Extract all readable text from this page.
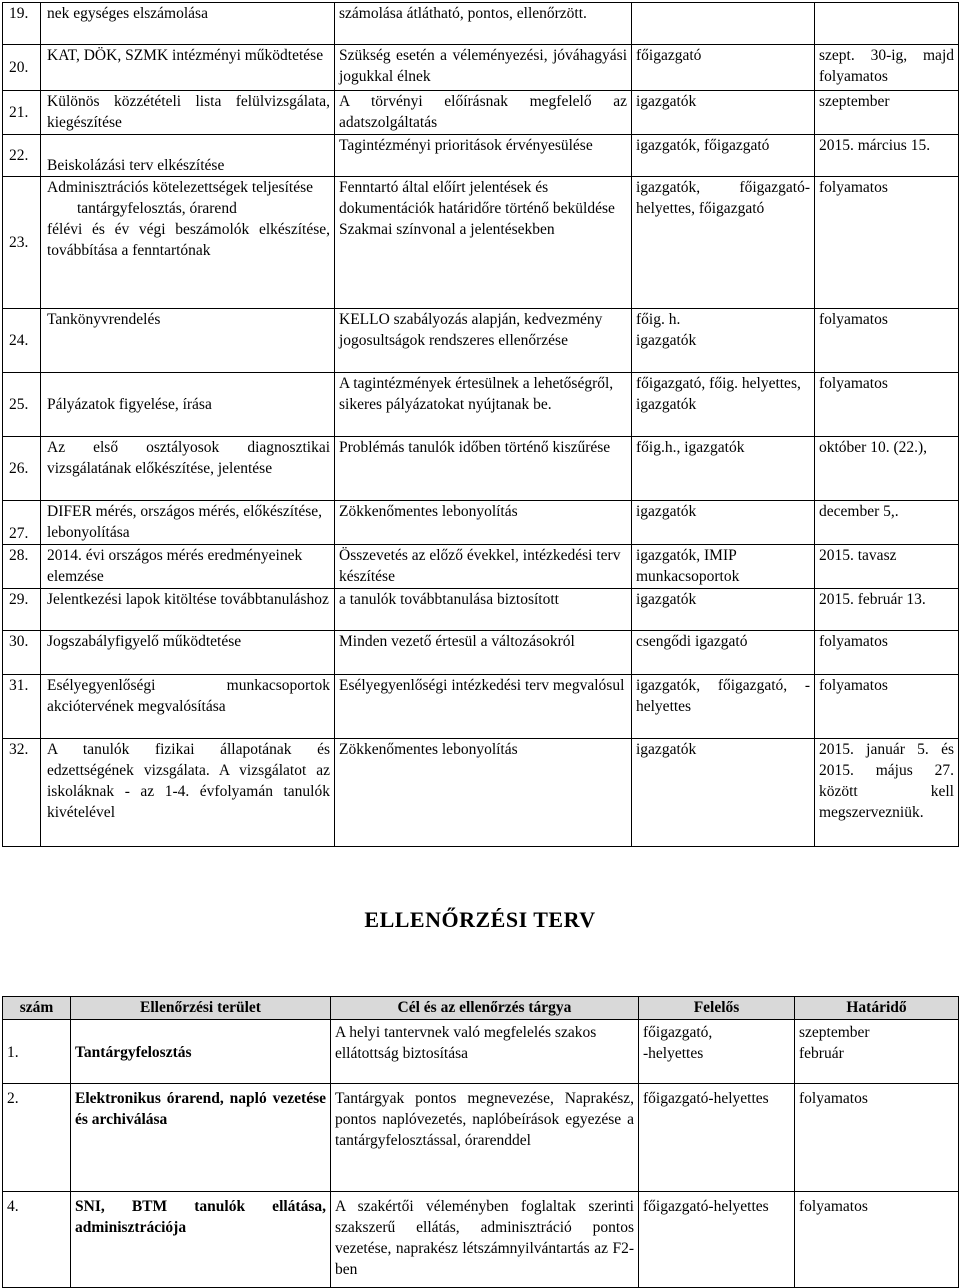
19.	nek egységes elszámolása	számolása átlátható, pontos, ellenőrzött.		
20.	KAT, DÖK, SZMK intézményi működtetése	Szükség esetén a véleményezési, jóváhagyási jogukkal élnek	főigazgató	szept. 30-ig, majd folyamatos
21.	Különös közzétételi lista felülvizsgálata, kiegészítése	A törvényi előírásnak megfelelő az adatszolgáltatás	igazgatók	szeptember
22.	Beiskolázási terv elkészítése	Tagintézményi prioritások érvényesülése	igazgatók, főigazgató	2015. március 15.
23.	Adminisztrációs kötelezettségek teljesítése
tantárgyfelosztás, órarend
félévi és év végi beszámolók elkészítése, továbbítása a fenntartónak	Fenntartó által előírt jelentések és dokumentációk határidőre történő beküldése
Szakmai színvonal a jelentésekben	igazgatók, főigazgató-helyettes, főigazgató	folyamatos
24.	Tankönyvrendelés	KELLO szabályozás alapján, kedvezmény jogosultságok rendszeres ellenőrzése	főig. h.
igazgatók	folyamatos
25.	Pályázatok figyelése, írása	A tagintézmények értesülnek a lehetőségről, sikeres pályázatokat nyújtanak be.	főigazgató, főig. helyettes, igazgatók	folyamatos
26.	Az első osztályosok diagnosztikai vizsgálatának előkészítése, jelentése	Problémás tanulók időben történő kiszűrése	főig.h., igazgatók	október 10. (22.),
27.	DIFER mérés, országos mérés, előkészítése, lebonyolítása	Zökkenőmentes lebonyolítás	igazgatók	december 5,.
28.	2014. évi országos mérés eredményeinek elemzése	Összevetés az előző évekkel, intézkedési terv készítése	igazgatók, IMIP munkacsoportok	2015. tavasz
29.	Jelentkezési lapok kitöltése továbbtanuláshoz	a tanulók továbbtanulása biztosított	igazgatók	2015. február 13.
30.	Jogszabályfigyelő működtetése	Minden vezető értesül a változásokról	csengődi igazgató	folyamatos
31.	Esélyegyenlőségi munkacsoportok akciótervének megvalósítása	Esélyegyenlőségi intézkedési terv megvalósul	igazgatók, főigazgató, -helyettes	folyamatos
32.	A tanulók fizikai állapotának és edzettségének vizsgálata. A vizsgálatot az iskoláknak - az 1-4. évfolyamán tanulók kivételével	Zökkenőmentes lebonyolítás	igazgatók	2015. január 5. és 2015. május 27. között kell megszervezniük.
ELLENŐRZÉSI TERV
szám	Ellenőrzési terület	Cél és az ellenőrzés tárgya	Felelős	Határidő
1.	Tantárgyfelosztás	A helyi tantervnek való megfelelés szakos ellátottság biztosítása	főigazgató,
-helyettes	szeptember
február

2.	Elektronikus órarend, napló vezetése és archiválása	Tantárgyak pontos megnevezése, Naprakész, pontos naplóvezetés, naplóbeírások egyezése a tantárgyfelosztással, órarenddel	főigazgató-helyettes	folyamatos
4.	SNI, BTM tanulók ellátása, adminisztrációja	A szakértői véleményben foglaltak szerinti szakszerű ellátás, adminisztráció pontos vezetése, naprakész létszámnyilvántartás az F2-ben	főigazgató-helyettes	folyamatos
